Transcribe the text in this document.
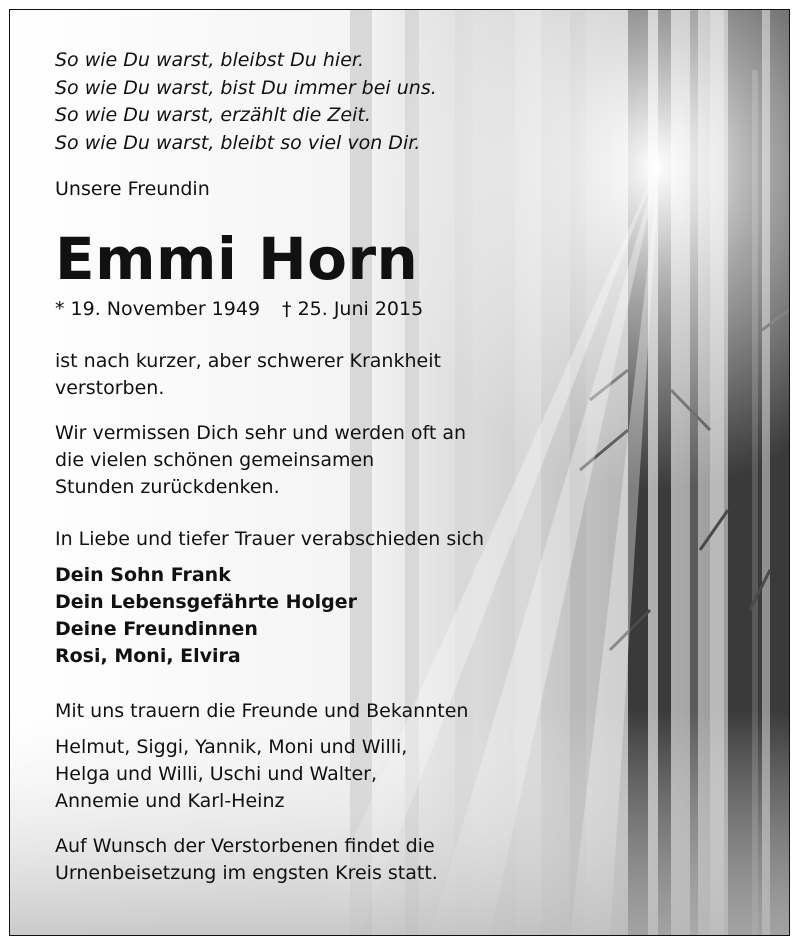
So wie Du warst, bleibst Du hier.
So wie Du warst, bist Du immer bei uns.
So wie Du warst, erzählt die Zeit.
So wie Du warst, bleibt so viel von Dir.
Unsere Freundin
Emmi Horn
* 19. November 1949 † 25. Juni 2015
ist nach kurzer, aber schwerer Krankheit
verstorben.
Wir vermissen Dich sehr und werden oft an
die vielen schönen gemeinsamen
Stunden zurückdenken.
In Liebe und tiefer Trauer verabschieden sich
Dein Sohn Frank
Dein Lebensgefährte Holger
Deine Freundinnen
Rosi, Moni, Elvira
Mit uns trauern die Freunde und Bekannten
Helmut, Siggi, Yannik, Moni und Willi,
Helga und Willi, Uschi und Walter,
Annemie und Karl-Heinz
Auf Wunsch der Verstorbenen findet die
Urnenbeisetzung im engsten Kreis statt.
